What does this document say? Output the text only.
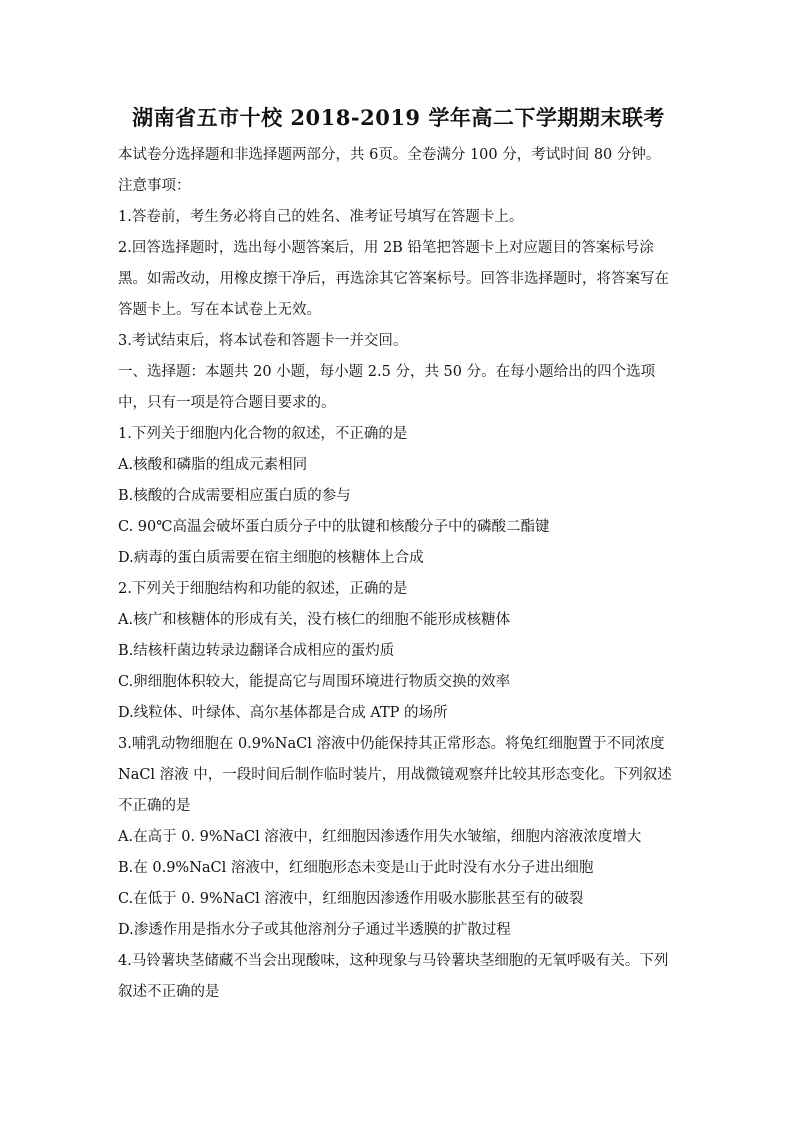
湖南省五市十校 2018-2019 学年高二下学期期末联考

本试卷分选择题和非选择题两部分，共 6页。全卷满分 100 分，考试时间 80 分钟。

注意事项：

1.答卷前，考生务必将自己的姓名、准考证号填写在答题卡上。

2.回答选择题时，选出每小题答案后，用 2B 铅笔把答题卡上对应题目的答案标号涂黑。如需改动，用橡皮擦干净后，再选涂其它答案标号。回答非选择题时，将答案写在答题卡上。写在本试卷上无效。

3.考试结束后，将本试卷和答题卡一并交回。

一、选择题：本题共 20 小题，每小题 2.5 分，共 50 分。在每小题给出的四个选项中，只有一项是符合题目要求的。

1.下列关于细胞内化合物的叙述，不正确的是

A.核酸和磷脂的组成元素相同

B.核酸的合成需要相应蛋白质的参与

C. 90℃高温会破坏蛋白质分子中的肽键和核酸分子中的磷酸二酯键

D.病毒的蛋白质需要在宿主细胞的核糖体上合成

2.下列关于细胞结构和功能的叙述，正确的是

A.核广和核糖体的形成有关，没冇核仁的细胞不能形成核糖体

B.结核杆菌边转录边翻译合成相应的蛋灼质

C.卵细胞体积较大，能提高它与周围环境进行物质交换的效率

D.线粒体、叶绿体、高尔基体都是合成 ATP 的场所

3.哺乳动物细胞在 0.9%NaCl 溶液中仍能保持其正常形态。将兔红细胞置于不同浓度 NaCl 溶液 中，一段时间后制作临时装片，用战微镜观察幷比较其形态变化。下列叙述不正确的是

A.在高于 0. 9%NaCl 溶液中，红细胞因渗透作用失水皱缩，细胞内溶液浓度增大

B.在 0.9%NaCl 溶液中，红细胞形态未变是山于此时没有水分子进出细胞

C.在低于 0. 9%NaCl 溶液中，红细胞因渗透作用吸水膨胀甚至有的破裂

D.渗透作用是指水分子或其他溶剂分子通过半透膜的扩散过程

4.马铃薯块茎储藏不当会出现酸味，这种现象与马铃薯块茎细胞的无氧呼吸有关。下列叙述不正确的是
